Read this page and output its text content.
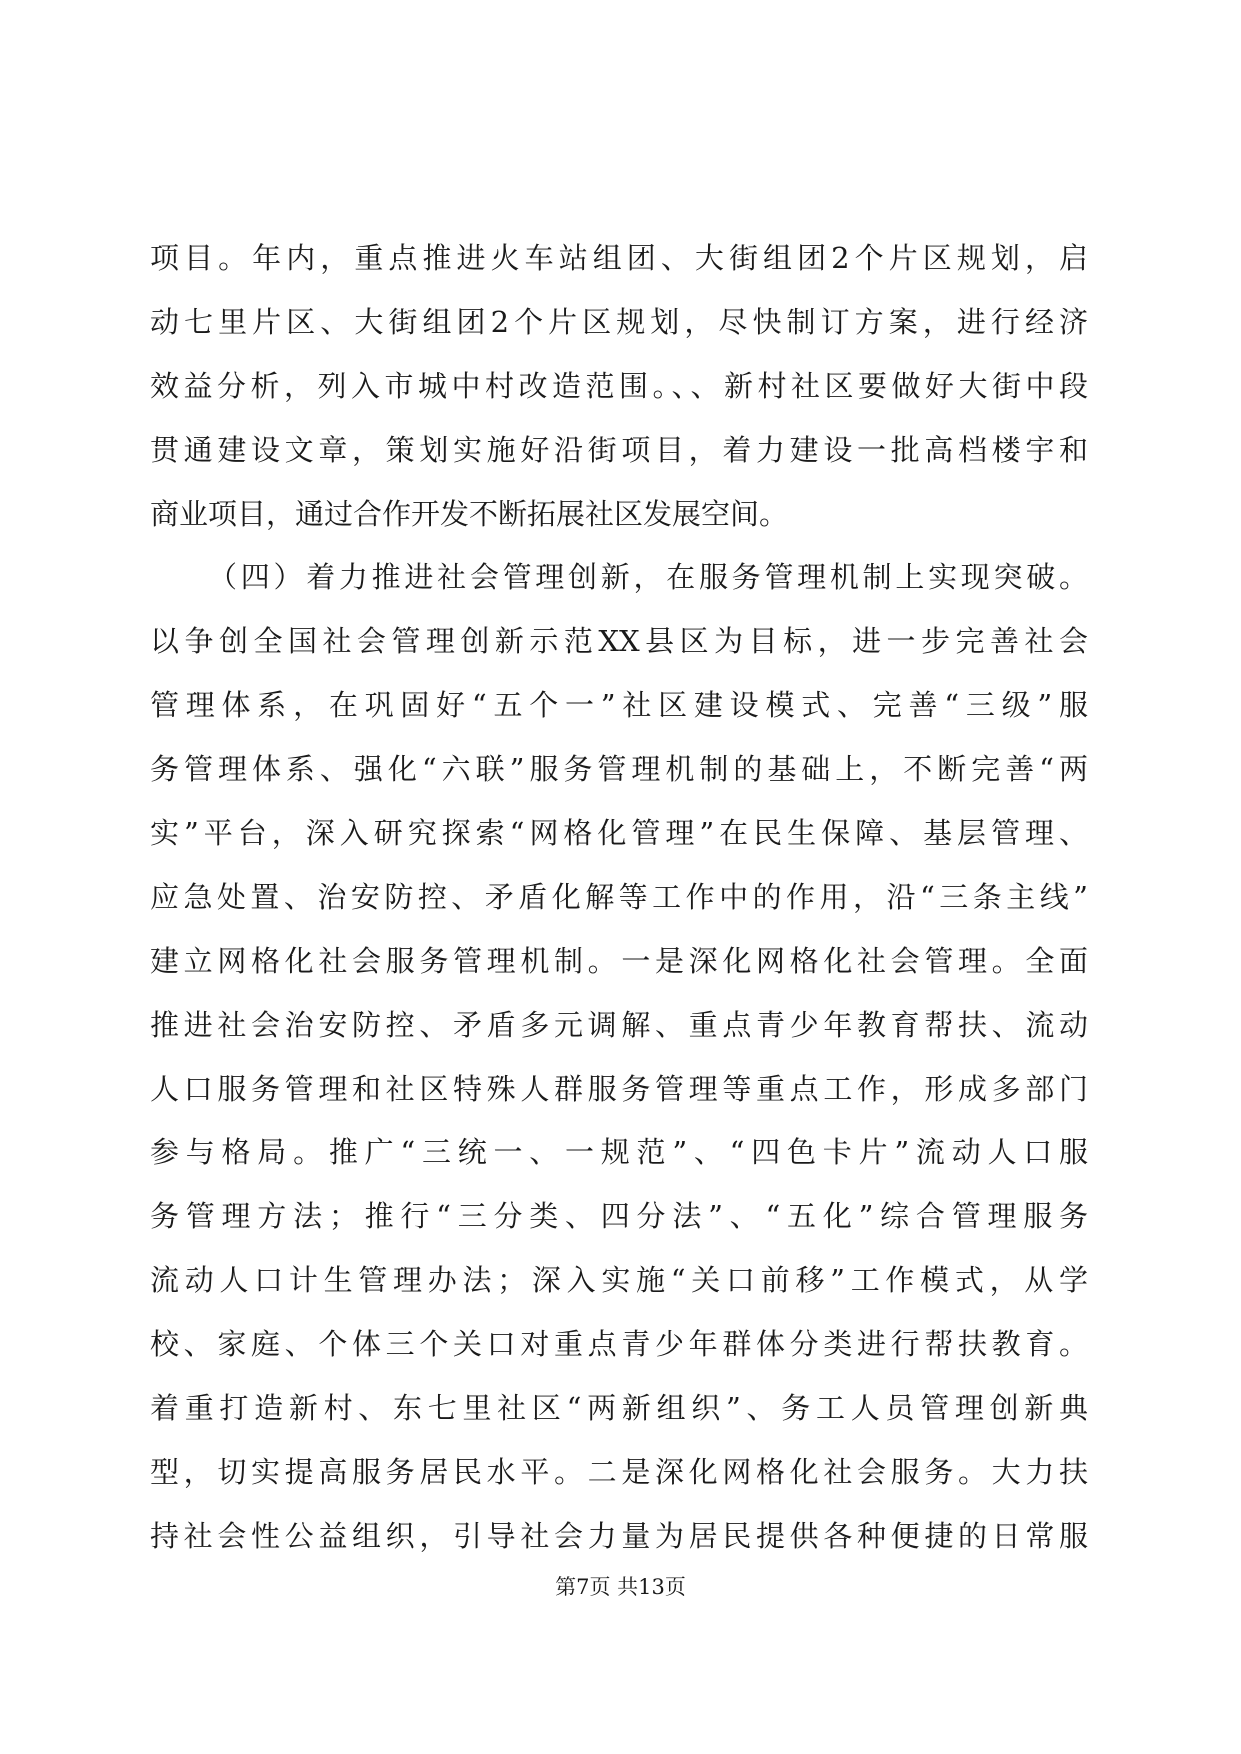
项目。年内，重点推进火车站组团、大街组团2个片区规划，启
动七里片区、大街组团2个片区规划，尽快制订方案，进行经济
效益分析，列入市城中村改造范围。、、新村社区要做好大街中段
贯通建设文章，策划实施好沿街项目，着力建设一批高档楼宇和
商业项目，通过合作开发不断拓展社区发展空间。
（四）着力推进社会管理创新，在服务管理机制上实现突破。
以争创全国社会管理创新示范XX县区为目标，进一步完善社会
管理体系，在巩固好“五个一”社区建设模式、完善“三级”服
务管理体系、强化“六联”服务管理机制的基础上，不断完善“两
实”平台，深入研究探索“网格化管理”在民生保障、基层管理、
应急处置、治安防控、矛盾化解等工作中的作用，沿“三条主线”
建立网格化社会服务管理机制。一是深化网格化社会管理。全面
推进社会治安防控、矛盾多元调解、重点青少年教育帮扶、流动
人口服务管理和社区特殊人群服务管理等重点工作，形成多部门
参与格局。推广“三统一、一规范”、“四色卡片”流动人口服
务管理方法；推行“三分类、四分法”、“五化”综合管理服务
流动人口计生管理办法；深入实施“关口前移”工作模式，从学
校、家庭、个体三个关口对重点青少年群体分类进行帮扶教育。
着重打造新村、东七里社区“两新组织”、务工人员管理创新典
型，切实提高服务居民水平。二是深化网格化社会服务。大力扶
持社会性公益组织，引导社会力量为居民提供各种便捷的日常服
第7页 共13页
